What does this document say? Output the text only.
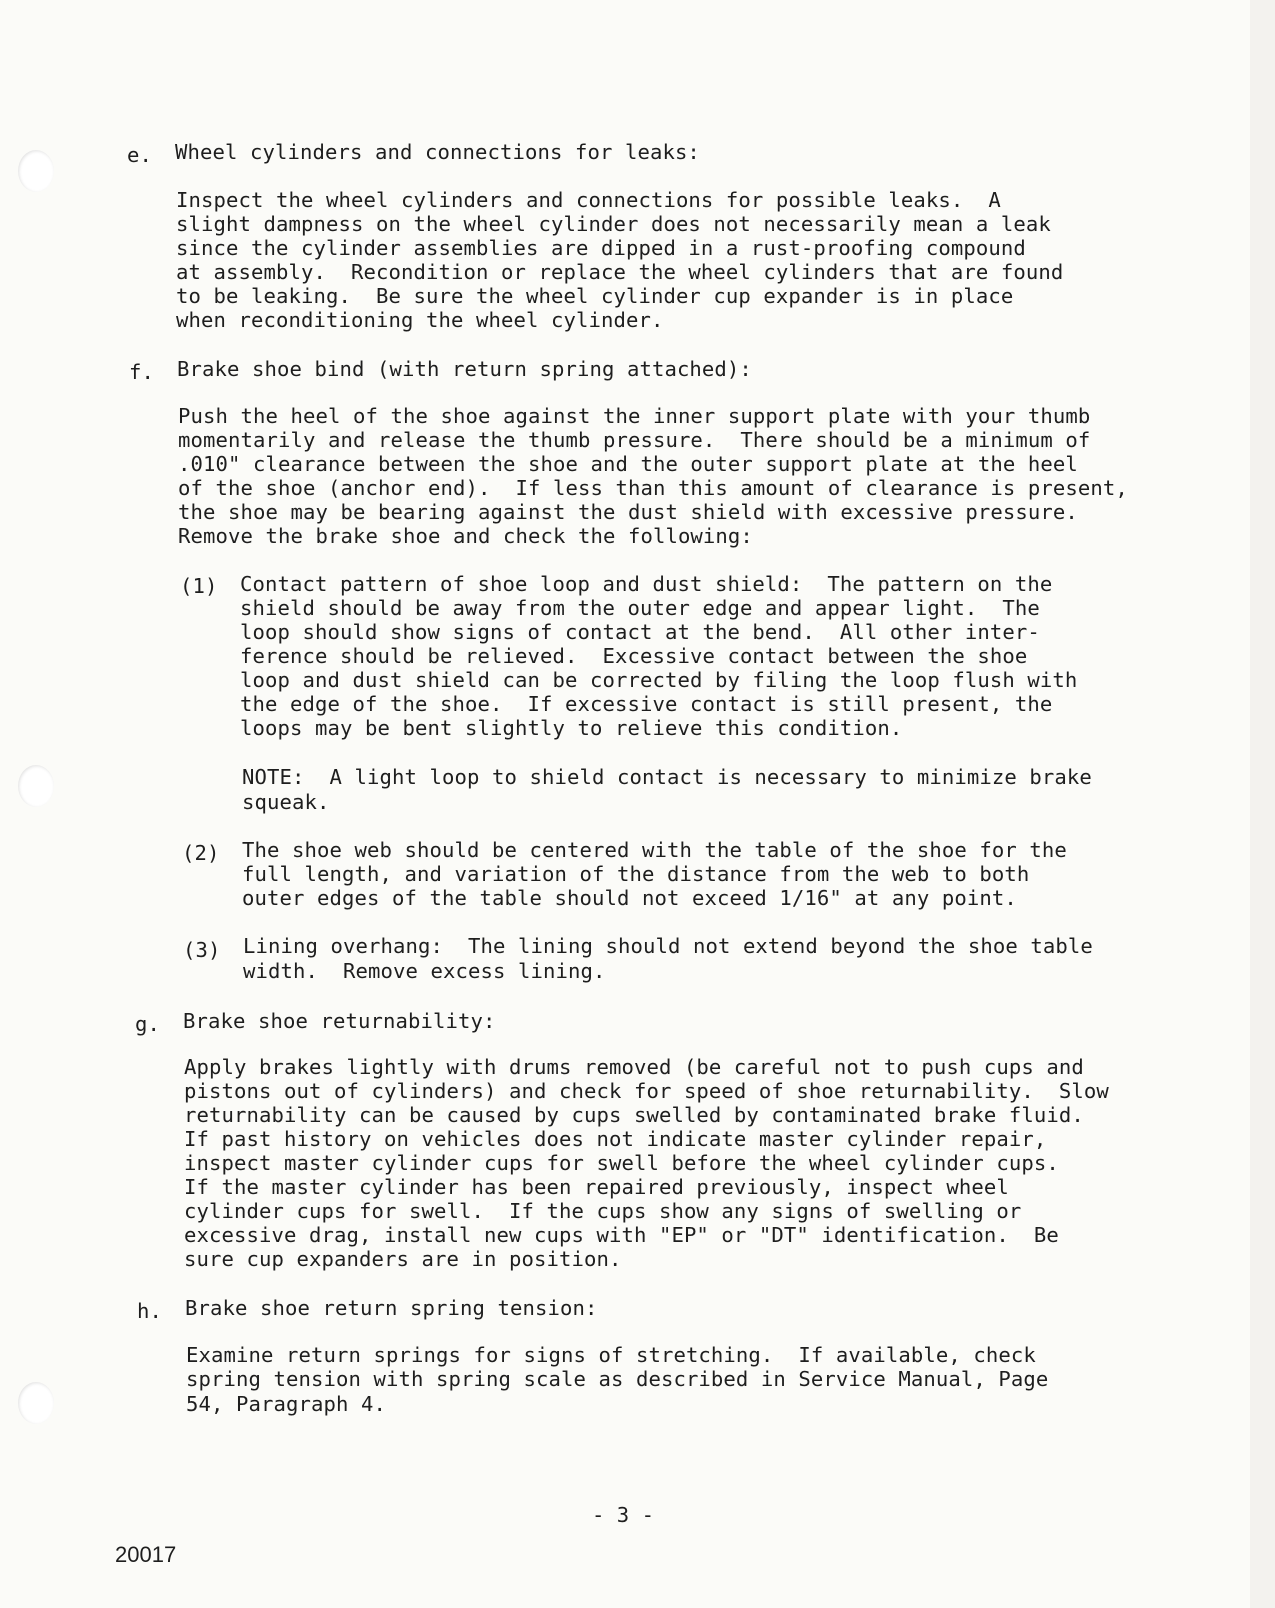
e. Wheel cylinders and connections for leaks:
Inspect the wheel cylinders and connections for possible leaks.  A
slight dampness on the wheel cylinder does not necessarily mean a leak
since the cylinder assemblies are dipped in a rust-proofing compound
at assembly.  Recondition or replace the wheel cylinders that are found
to be leaking.  Be sure the wheel cylinder cup expander is in place
when reconditioning the wheel cylinder.
f. Brake shoe bind (with return spring attached):
Push the heel of the shoe against the inner support plate with your thumb
momentarily and release the thumb pressure.  There should be a minimum of
.010" clearance between the shoe and the outer support plate at the heel
of the shoe (anchor end).  If less than this amount of clearance is present,
the shoe may be bearing against the dust shield with excessive pressure.
Remove the brake shoe and check the following:
(1) Contact pattern of shoe loop and dust shield:  The pattern on the
shield should be away from the outer edge and appear light.  The
loop should show signs of contact at the bend.  All other inter-
ference should be relieved.  Excessive contact between the shoe
loop and dust shield can be corrected by filing the loop flush with
the edge of the shoe.  If excessive contact is still present, the
loops may be bent slightly to relieve this condition.
NOTE:  A light loop to shield contact is necessary to minimize brake
squeak.
(2) The shoe web should be centered with the table of the shoe for the
full length, and variation of the distance from the web to both
outer edges of the table should not exceed 1/16" at any point.
(3) Lining overhang:  The lining should not extend beyond the shoe table
width.  Remove excess lining.
g. Brake shoe returnability:
Apply brakes lightly with drums removed (be careful not to push cups and
pistons out of cylinders) and check for speed of shoe returnability.  Slow
returnability can be caused by cups swelled by contaminated brake fluid.
If past history on vehicles does not indicate master cylinder repair,
inspect master cylinder cups for swell before the wheel cylinder cups.
If the master cylinder has been repaired previously, inspect wheel
cylinder cups for swell.  If the cups show any signs of swelling or
excessive drag, install new cups with "EP" or "DT" identification.  Be
sure cup expanders are in position.
h. Brake shoe return spring tension:
Examine return springs for signs of stretching.  If available, check
spring tension with spring scale as described in Service Manual, Page
54, Paragraph 4.
- 3 -
20017
